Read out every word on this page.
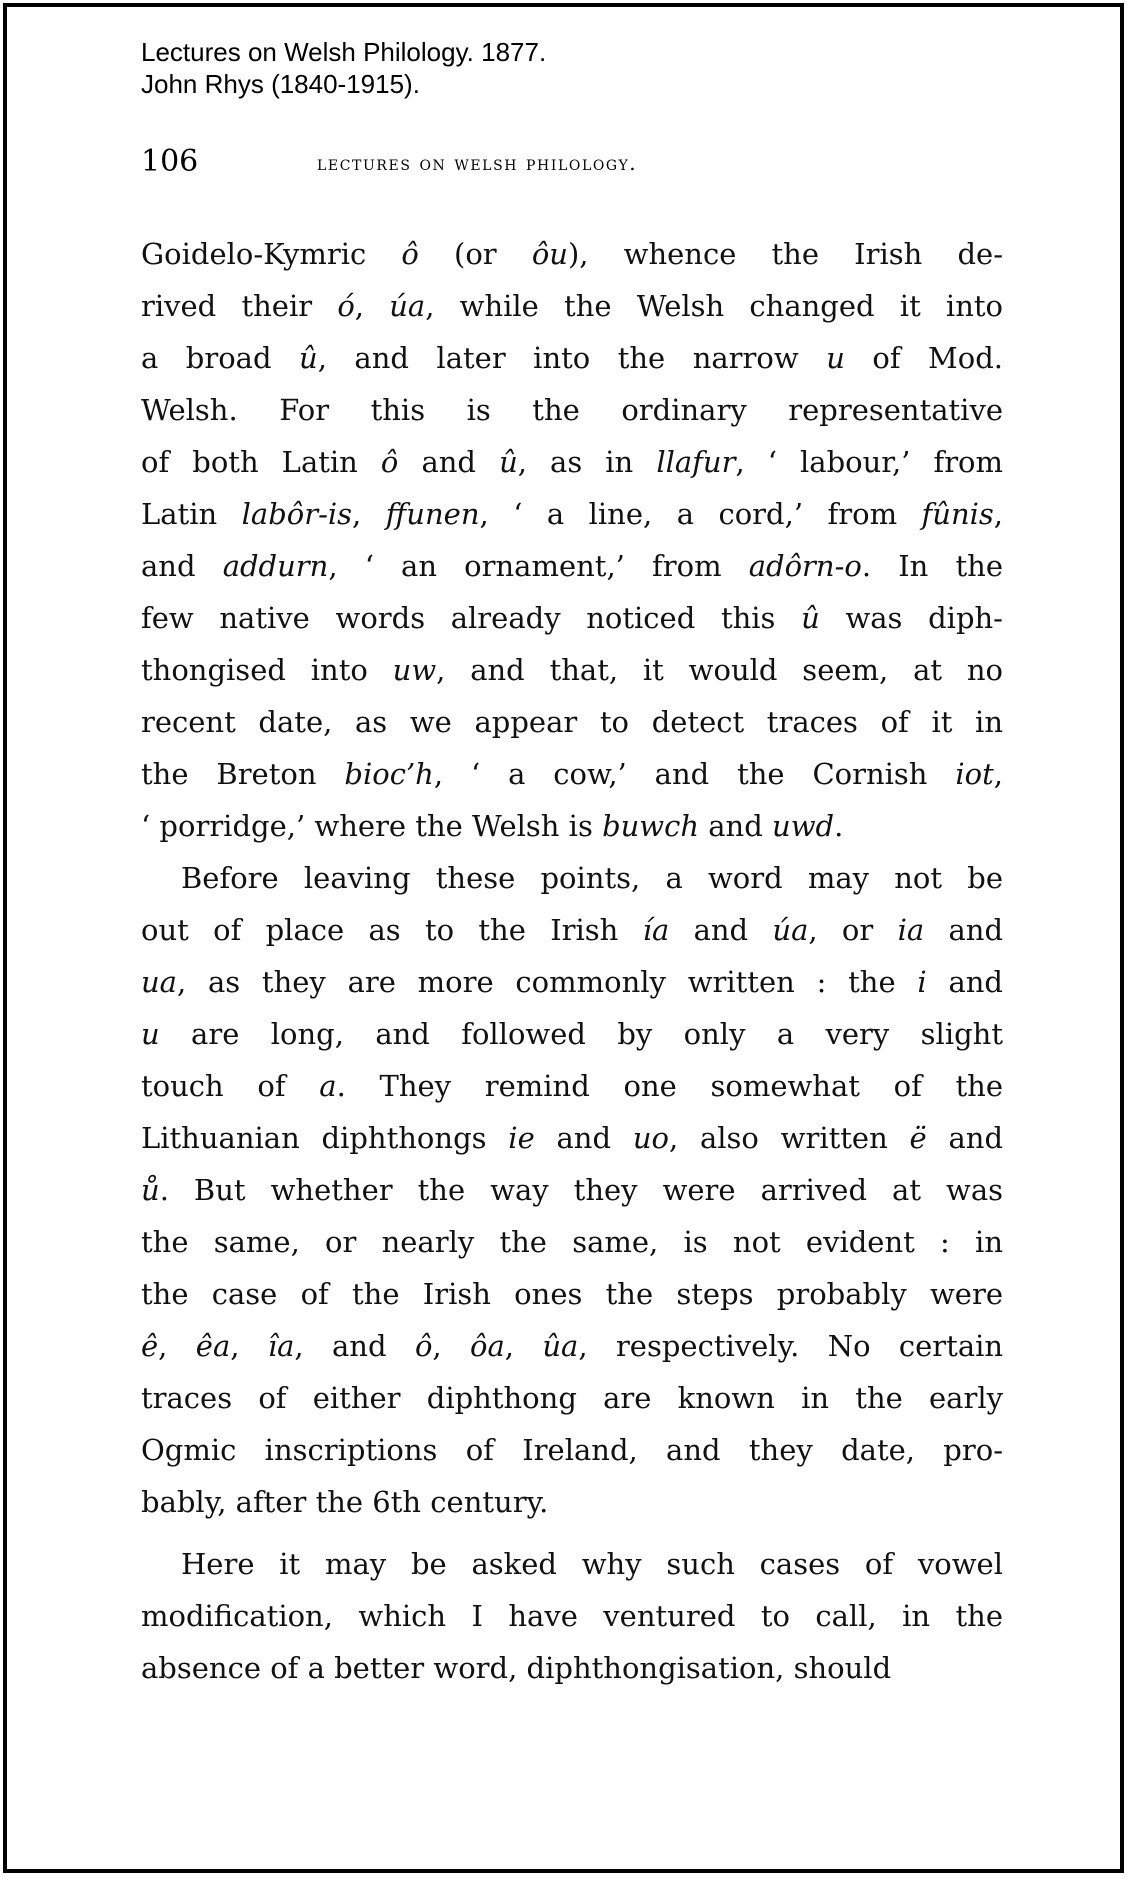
Lectures on Welsh Philology. 1877.
John Rhys (1840-1915).
106	lectures on welsh philology.
Goidelo-Kymric ô (or ôu), whence the Irish de-
rived their ó, úa, while the Welsh changed it into
a broad û, and later into the narrow u of Mod.
Welsh. For this is the ordinary representative
of both Latin ô and û, as in llafur, ‘ labour,’ from
Latin labôr-is, ffunen, ‘ a line, a cord,’ from fûnis,
and addurn, ‘ an ornament,’ from adôrn-o. In the
few native words already noticed this û was diph-
thongised into uw, and that, it would seem, at no
recent date, as we appear to detect traces of it in
the Breton bioc’h, ‘ a cow,’ and the Cornish iot,
‘ porridge,’ where the Welsh is buwch and uwd.
Before leaving these points, a word may not be
out of place as to the Irish ía and úa, or ia and
ua, as they are more commonly written : the i and
u are long, and followed by only a very slight
touch of a. They remind one somewhat of the
Lithuanian diphthongs ie and uo, also written ë and
ů. But whether the way they were arrived at was
the same, or nearly the same, is not evident : in
the case of the Irish ones the steps probably were
ê, êa, îa, and ô, ôa, ûa, respectively. No certain
traces of either diphthong are known in the early
Ogmic inscriptions of Ireland, and they date, pro-
bably, after the 6th century.
Here it may be asked why such cases of vowel
modification, which I have ventured to call, in the
absence of a better word, diphthongisation, should
